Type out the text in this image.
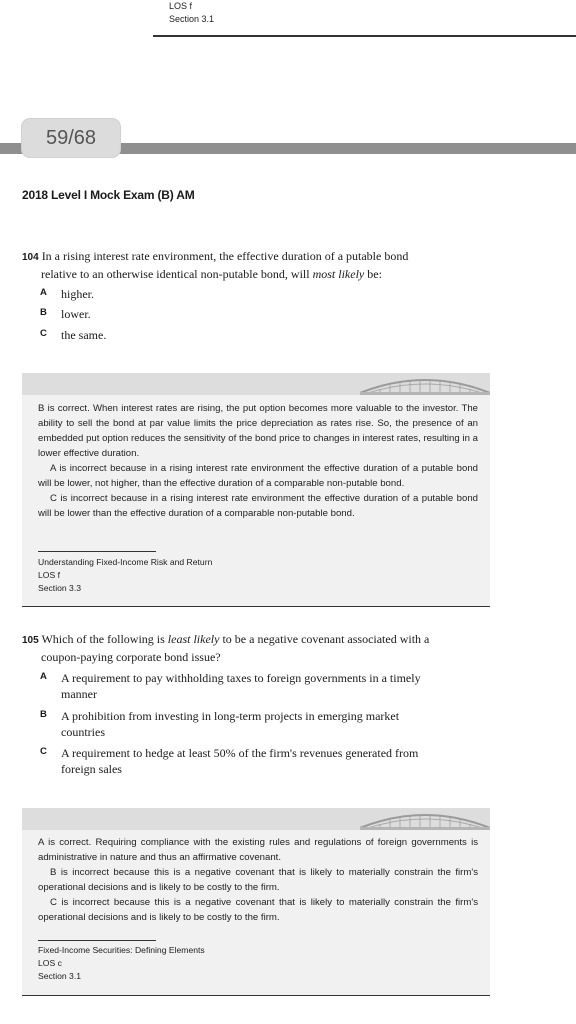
LOS f
Section 3.1
59/68
2018 Level I Mock Exam (B) AM
104 In a rising interest rate environment, the effective duration of a putable bond
relative to an otherwise identical non-putable bond, will most likely be:
A higher.
B lower.
C the same.

B is correct. When interest rates are rising, the put option becomes more valuable to the investor. The ability to sell the bond at par value limits the price depreciation as rates rise. So, the presence of an embedded put option reduces the sensitivity of the bond price to changes in interest rates, resulting in a lower effective duration.

A is incorrect because in a rising interest rate environment the effective duration of a putable bond will be lower, not higher, than the effective duration of a comparable non-putable bond.

C is incorrect because in a rising interest rate environment the effective duration of a putable bond will be lower than the effective duration of a comparable non-putable bond.

Understanding Fixed-Income Risk and Return
LOS f
Section 3.3
105 Which of the following is least likely to be a negative covenant associated with a
coupon-paying corporate bond issue?
A A requirement to pay withholding taxes to foreign governments in a timely
manner
B A prohibition from investing in long-term projects in emerging market
countries
C A requirement to hedge at least 50% of the firm's revenues generated from
foreign sales

A is correct. Requiring compliance with the existing rules and regulations of foreign governments is administrative in nature and thus an affirmative covenant.

B is incorrect because this is a negative covenant that is likely to materially constrain the firm's operational decisions and is likely to be costly to the firm.

C is incorrect because this is a negative covenant that is likely to materially constrain the firm's operational decisions and is likely to be costly to the firm.

Fixed-Income Securities: Defining Elements
LOS c
Section 3.1
